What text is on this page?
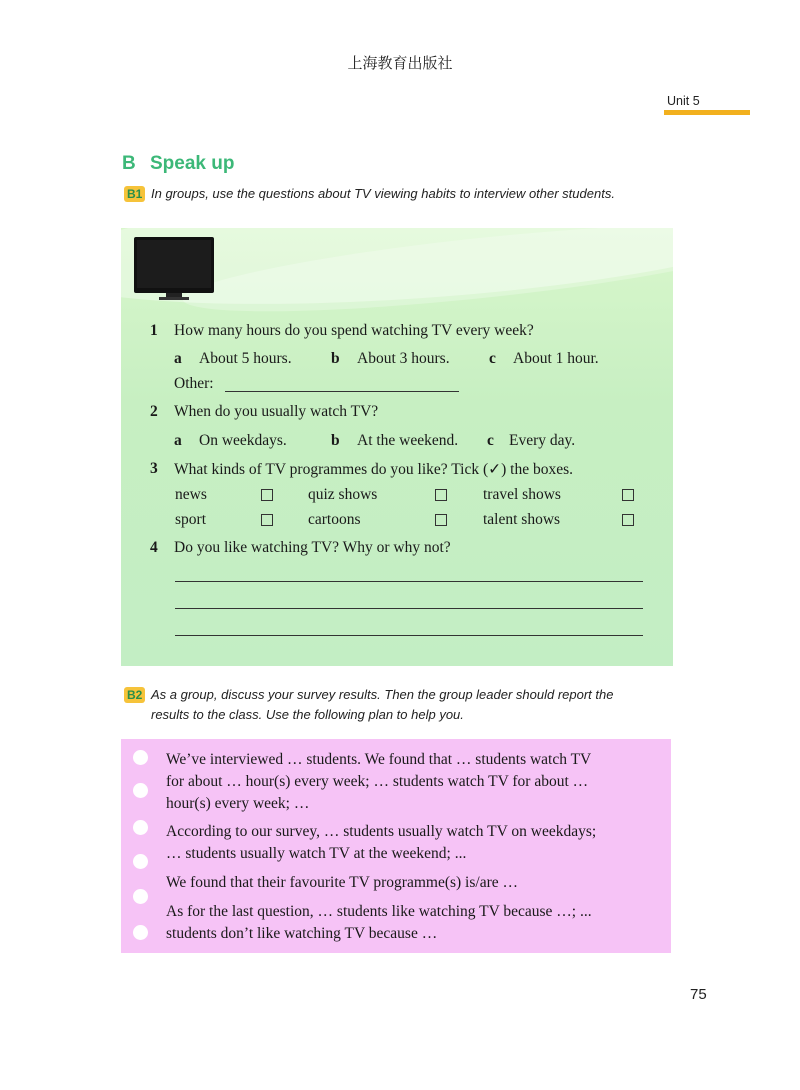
上海教育出版社
Unit 5
B Speak up
B1 In groups, use the questions about TV viewing habits to interview other students.
1 How many hours do you spend watching TV every week?
a About 5 hours.	b About 3 hours.	c About 1 hour.
Other:
2 When do you usually watch TV?
a On weekdays.	b At the weekend. c Every day.
3 What kinds of TV programmes do you like? Tick (✓) the boxes.
news	quiz shows	travel shows
sport	cartoons	talent shows
4 Do you like watching TV? Why or why not?
B2 As a group, discuss your survey results. Then the group leader should report the
results to the class. Use the following plan to help you.
We’ve interviewed … students. We found that … students watch TV
for about … hour(s) every week; … students watch TV for about …
hour(s) every week; …
According to our survey, … students usually watch TV on weekdays;
… students usually watch TV at the weekend; ...
We found that their favourite TV programme(s) is/are …
As for the last question, … students like watching TV because …; ...
students don’t like watching TV because …
75
